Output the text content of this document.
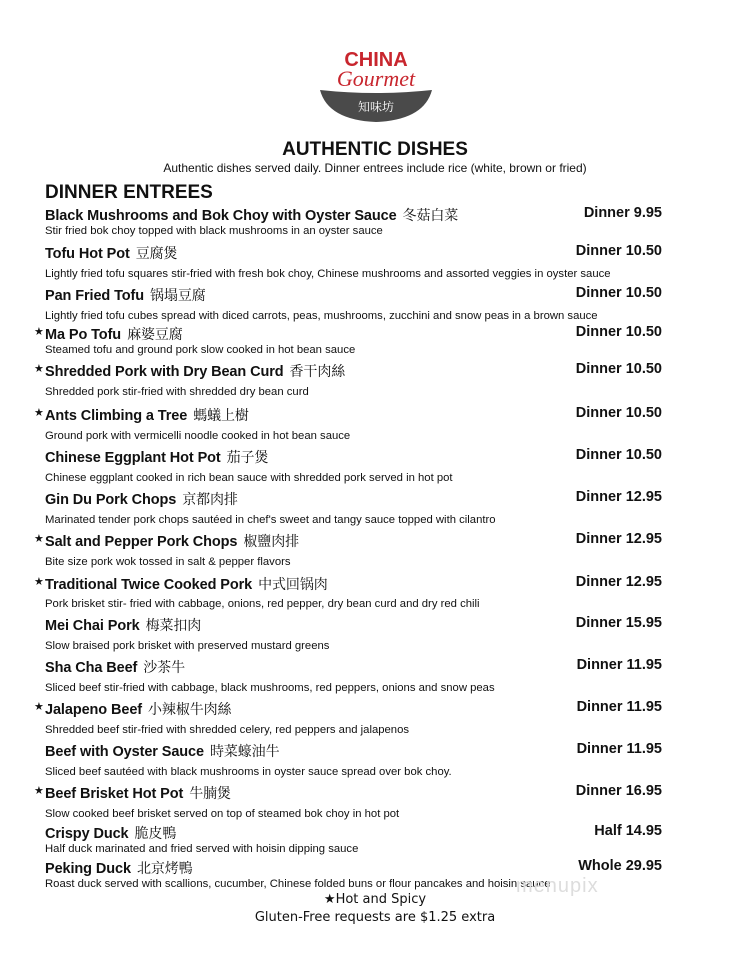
CHINA
Gourmet
知味坊
AUTHENTIC DISHES
Authentic dishes served daily. Dinner entrees include rice (white, brown or fried)
DINNER ENTREES
Black Mushrooms and Bok Choy with Oyster Sauce 冬菇白菜	Dinner 9.95
Stir fried bok choy topped with black mushrooms in an oyster sauce
Tofu Hot Pot 豆腐煲	Dinner 10.50
Lightly fried tofu squares stir-fried with fresh bok choy, Chinese mushrooms and assorted veggies in oyster sauce
Pan Fried Tofu 锅塌豆腐	Dinner 10.50
Lightly fried tofu cubes spread with diced carrots, peas, mushrooms, zucchini and snow peas in a brown sauce
★ Ma Po Tofu 麻婆豆腐	Dinner 10.50
Steamed tofu and ground pork slow cooked in hot bean sauce
★ Shredded Pork with Dry Bean Curd 香干肉絲	Dinner 10.50
Shredded pork stir-fried with shredded dry bean curd
★ Ants Climbing a Tree 螞蟻上樹	Dinner 10.50
Ground pork with vermicelli noodle cooked in hot bean sauce
Chinese Eggplant Hot Pot 茄子煲	Dinner 10.50
Chinese eggplant cooked in rich bean sauce with shredded pork served in hot pot
Gin Du Pork Chops 京都肉排	Dinner 12.95
Marinated tender pork chops sautéed in chef's sweet and tangy sauce topped with cilantro
★ Salt and Pepper Pork Chops 椒鹽肉排	Dinner 12.95
Bite size pork wok tossed in salt & pepper flavors
★ Traditional Twice Cooked Pork 中式回锅肉	Dinner 12.95
Pork brisket stir- fried with cabbage, onions, red pepper, dry bean curd and dry red chili
Mei Chai Pork 梅菜扣肉	Dinner 15.95
Slow braised pork brisket with preserved mustard greens
Sha Cha Beef 沙茶牛	Dinner 11.95
Sliced beef stir-fried with cabbage, black mushrooms, red peppers, onions and snow peas
★ Jalapeno Beef 小辣椒牛肉絲	Dinner 11.95
Shredded beef stir-fried with shredded celery, red peppers and jalapenos
Beef with Oyster Sauce 時菜蠔油牛	Dinner 11.95
Sliced beef sautéed with black mushrooms in oyster sauce spread over bok choy.
★ Beef Brisket Hot Pot 牛腩煲	Dinner 16.95
Slow cooked beef brisket served on top of steamed bok choy in hot pot
Crispy Duck 脆皮鴨	Half 14.95
Half duck marinated and fried served with hoisin dipping sauce
Peking Duck 北京烤鴨	Whole 29.95
Roast duck served with scallions, cucumber, Chinese folded buns or flour pancakes and hoisin sauce
menupix
★Hot and Spicy
Gluten-Free requests are $1.25 extra
